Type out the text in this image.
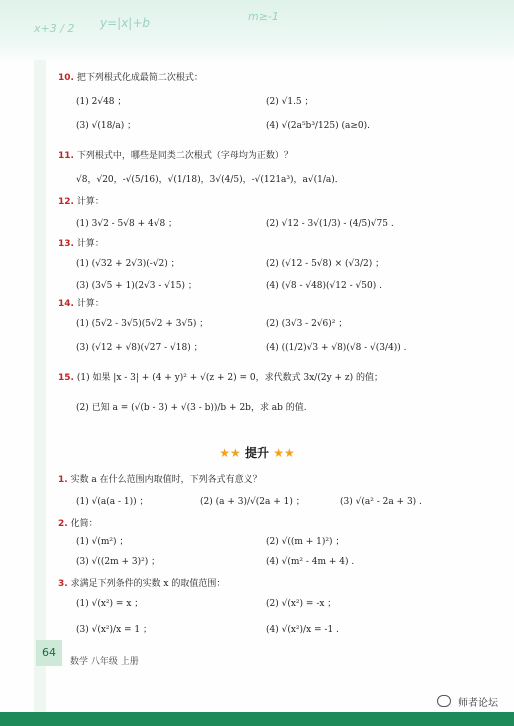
x+3 / 2 y=|x|+b	m≥-1
10. 把下列根式化成最简二次根式：
(1) 2√48 ；	(2) √1.5 ；
(3) √(18/a) ；	(4) √(2a⁵b³/125) (a≥0).
11. 下列根式中，哪些是同类二次根式（字母均为正数）？
√8，√20，-√(5/16)，√(1/18)，3√(4/5)，-√(121a³)，a√(1/a)．
12. 计算：
(1) 3√2 - 5√8 + 4√8 ；	(2) √12 - 3√(1/3) - (4/5)√75 .
13. 计算：
(1) (√32 + 2√3)(-√2) ；	(2) (√12 - 5√8) × (√3/2) ；
(3) (3√5 + 1)(2√3 - √15) ；	(4) (√8 - √48)(√12 - √50) .
14. 计算：
(1) (5√2 - 3√5)(5√2 + 3√5) ；	(2) (3√3 - 2√6)² ；
(3) (√12 + √8)(√27 - √18) ；	(4) ((1/2)√3 + √8)(√8 - √(3/4)) .
15. (1) 如果 |x - 3| + (4 + y)² + √(z + 2) = 0，求代数式 3x/(2y + z) 的值；
(2) 已知 a = (√(b - 3) + √(3 - b))/b + 2b，求 ab 的值.
★★ 提升 ★★
1. 实数 a 在什么范围内取值时，下列各式有意义？
(1) √(a(a - 1)) ；	(2) (a + 3)/√(2a + 1) ；	(3) √(a² - 2a + 3) .
2. 化简：
(1) √(m²) ；	(2) √((m + 1)²) ；
(3) √((2m + 3)²) ；	(4) √(m² - 4m + 4) .
3. 求满足下列条件的实数 x 的取值范围：
(1) √(x²) = x ；	(2) √(x²) = -x ；
(3) √(x²)/x = 1 ；	(4) √(x²)/x = -1 .
64
数学 八年级 上册
师者论坛
